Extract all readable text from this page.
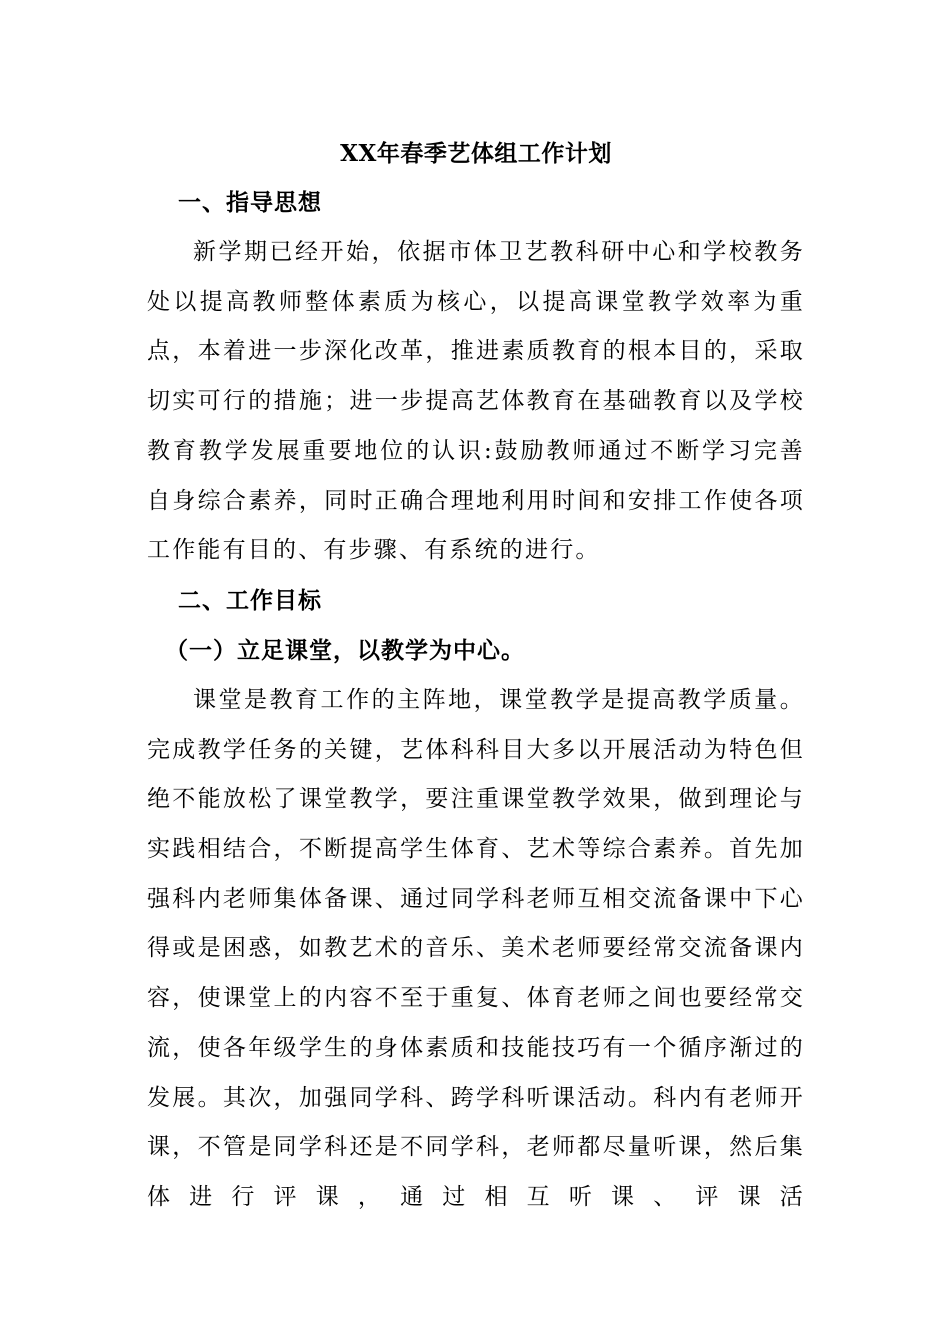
XX年春季艺体组工作计划
一、指导思想

新学期已经开始，依据市体卫艺教科研中心和学校教务处以提高教师整体素质为核心，以提高课堂教学效率为重点，本着进一步深化改革，推进素质教育的根本目的，采取切实可行的措施；进一步提高艺体教育在基础教育以及学校教育教学发展重要地位的认识:鼓励教师通过不断学习完善自身综合素养，同时正确合理地利用时间和安排工作使各项工作能有目的、有步骤、有系统的进行。

二、工作目标
（一）立足课堂，以教学为中心。

课堂是教育工作的主阵地，课堂教学是提高教学质量。完成教学任务的关键，艺体科科目大多以开展活动为特色但绝不能放松了课堂教学，要注重课堂教学效果，做到理论与实践相结合，不断提高学生体育、艺术等综合素养。首先加强科内老师集体备课、通过同学科老师互相交流备课中下心得或是困惑，如教艺术的音乐、美术老师要经常交流备课内容，使课堂上的内容不至于重复、体育老师之间也要经常交流，使各年级学生的身体素质和技能技巧有一个循序渐过的发展。其次，加强同学科、跨学科听课活动。科内有老师开课，不管是同学科还是不同学科，老师都尽量听课，然后集体进行评课，通过相互听课、评课活
